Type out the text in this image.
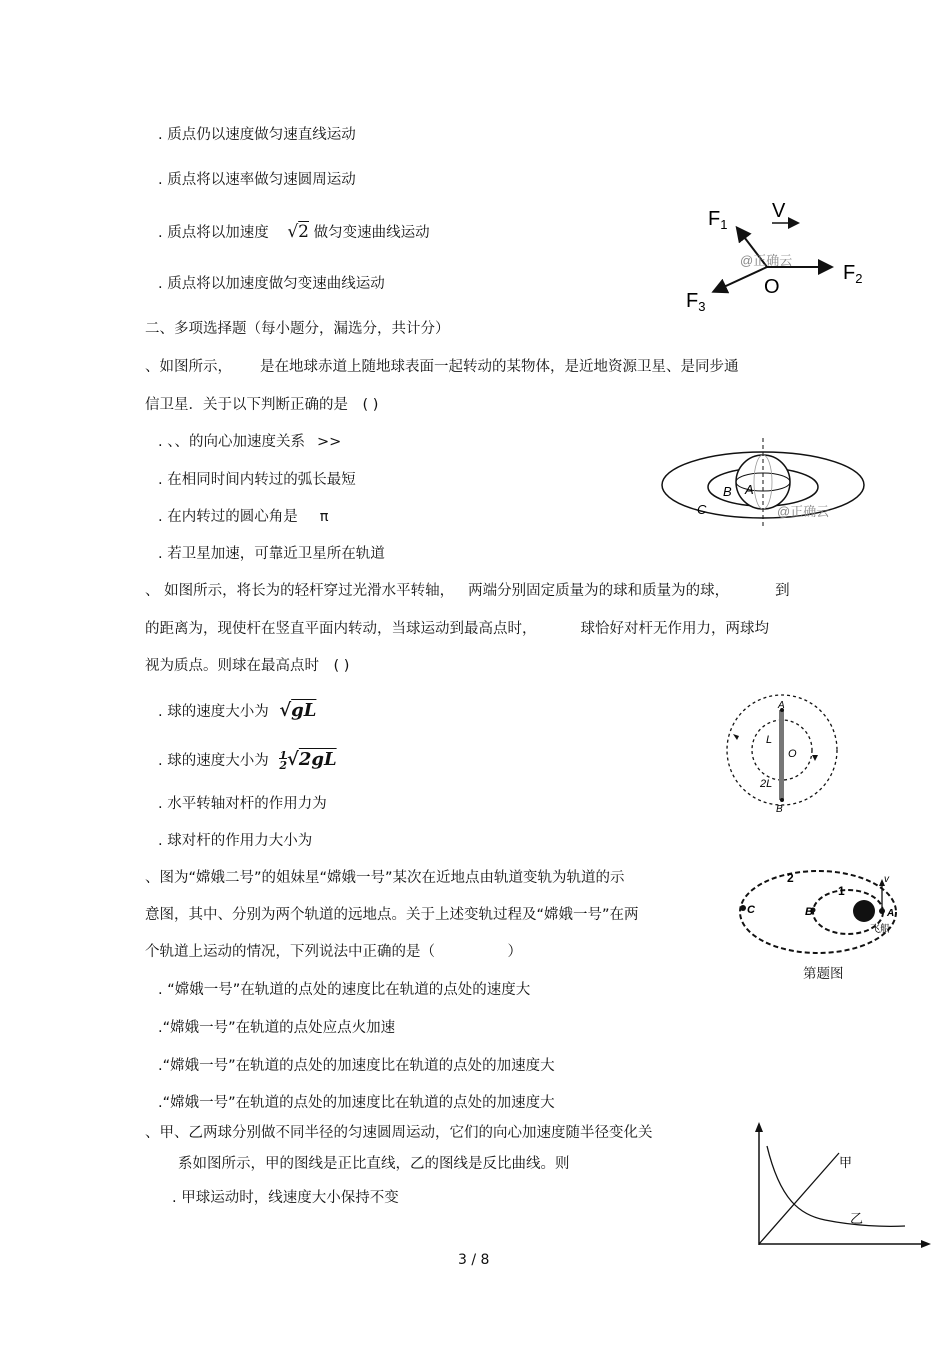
. 质点仍以速度做匀速直线运动
. 质点将以速率做匀速圆周运动
. 质点将以加速度 √2 做匀变速曲线运动
. 质点将以加速度做匀变速曲线运动
二、多项选择题（每小题分，漏选分，共计分）
、如图所示， 是在地球赤道上随地球表面一起转动的某物体，是近地资源卫星、是同步通
信卫星．关于以下判断正确的是　( )
. 、、的向心加速度关系 >>
. 在相同时间内转过的弧长最短
. 在内转过的圆心角是 π
. 若卫星加速，可靠近卫星所在轨道
、 如图所示，将长为的轻杆穿过光滑水平转轴， 两端分别固定质量为的球和质量为的球，	到
的距离为，现使杆在竖直平面内转动，当球运动到最高点时，	球恰好对杆无作用力，两球均
视为质点。则球在最高点时　( )
. 球的速度大小为 √gL
. 球的速度大小为 1
2√2gL
. 水平转轴对杆的作用力为
. 球对杆的作用力大小为
、图为“嫦娥二号”的姐妹星“嫦娥一号”某次在近地点由轨道变轨为轨道的示
意图，其中、分别为两个轨道的远地点。关于上述变轨过程及“嫦娥一号”在两
个轨道上运动的情况，下列说法中正确的是（　　　　　）
. “嫦娥一号”在轨道的点处的速度比在轨道的点处的速度大
.“嫦娥一号”在轨道的点处应点火加速
.“嫦娥一号”在轨道的点处的加速度比在轨道的点处的加速度大
.“嫦娥一号”在轨道的点处的加速度比在轨道的点处的加速度大
、甲、乙两球分别做不同半径的匀速圆周运动，它们的向心加速度随半径变化关
系如图所示，甲的图线是正比直线，乙的图线是反比曲线。则
. 甲球运动时，线速度大小保持不变
$F_1$
V
$F_2$
$F_3$
O
@正确云
B A
C	@正确云
A
L
O
2L
B
2
1
C	B	A
v
飞船
第题图
甲
乙
3 / 8
